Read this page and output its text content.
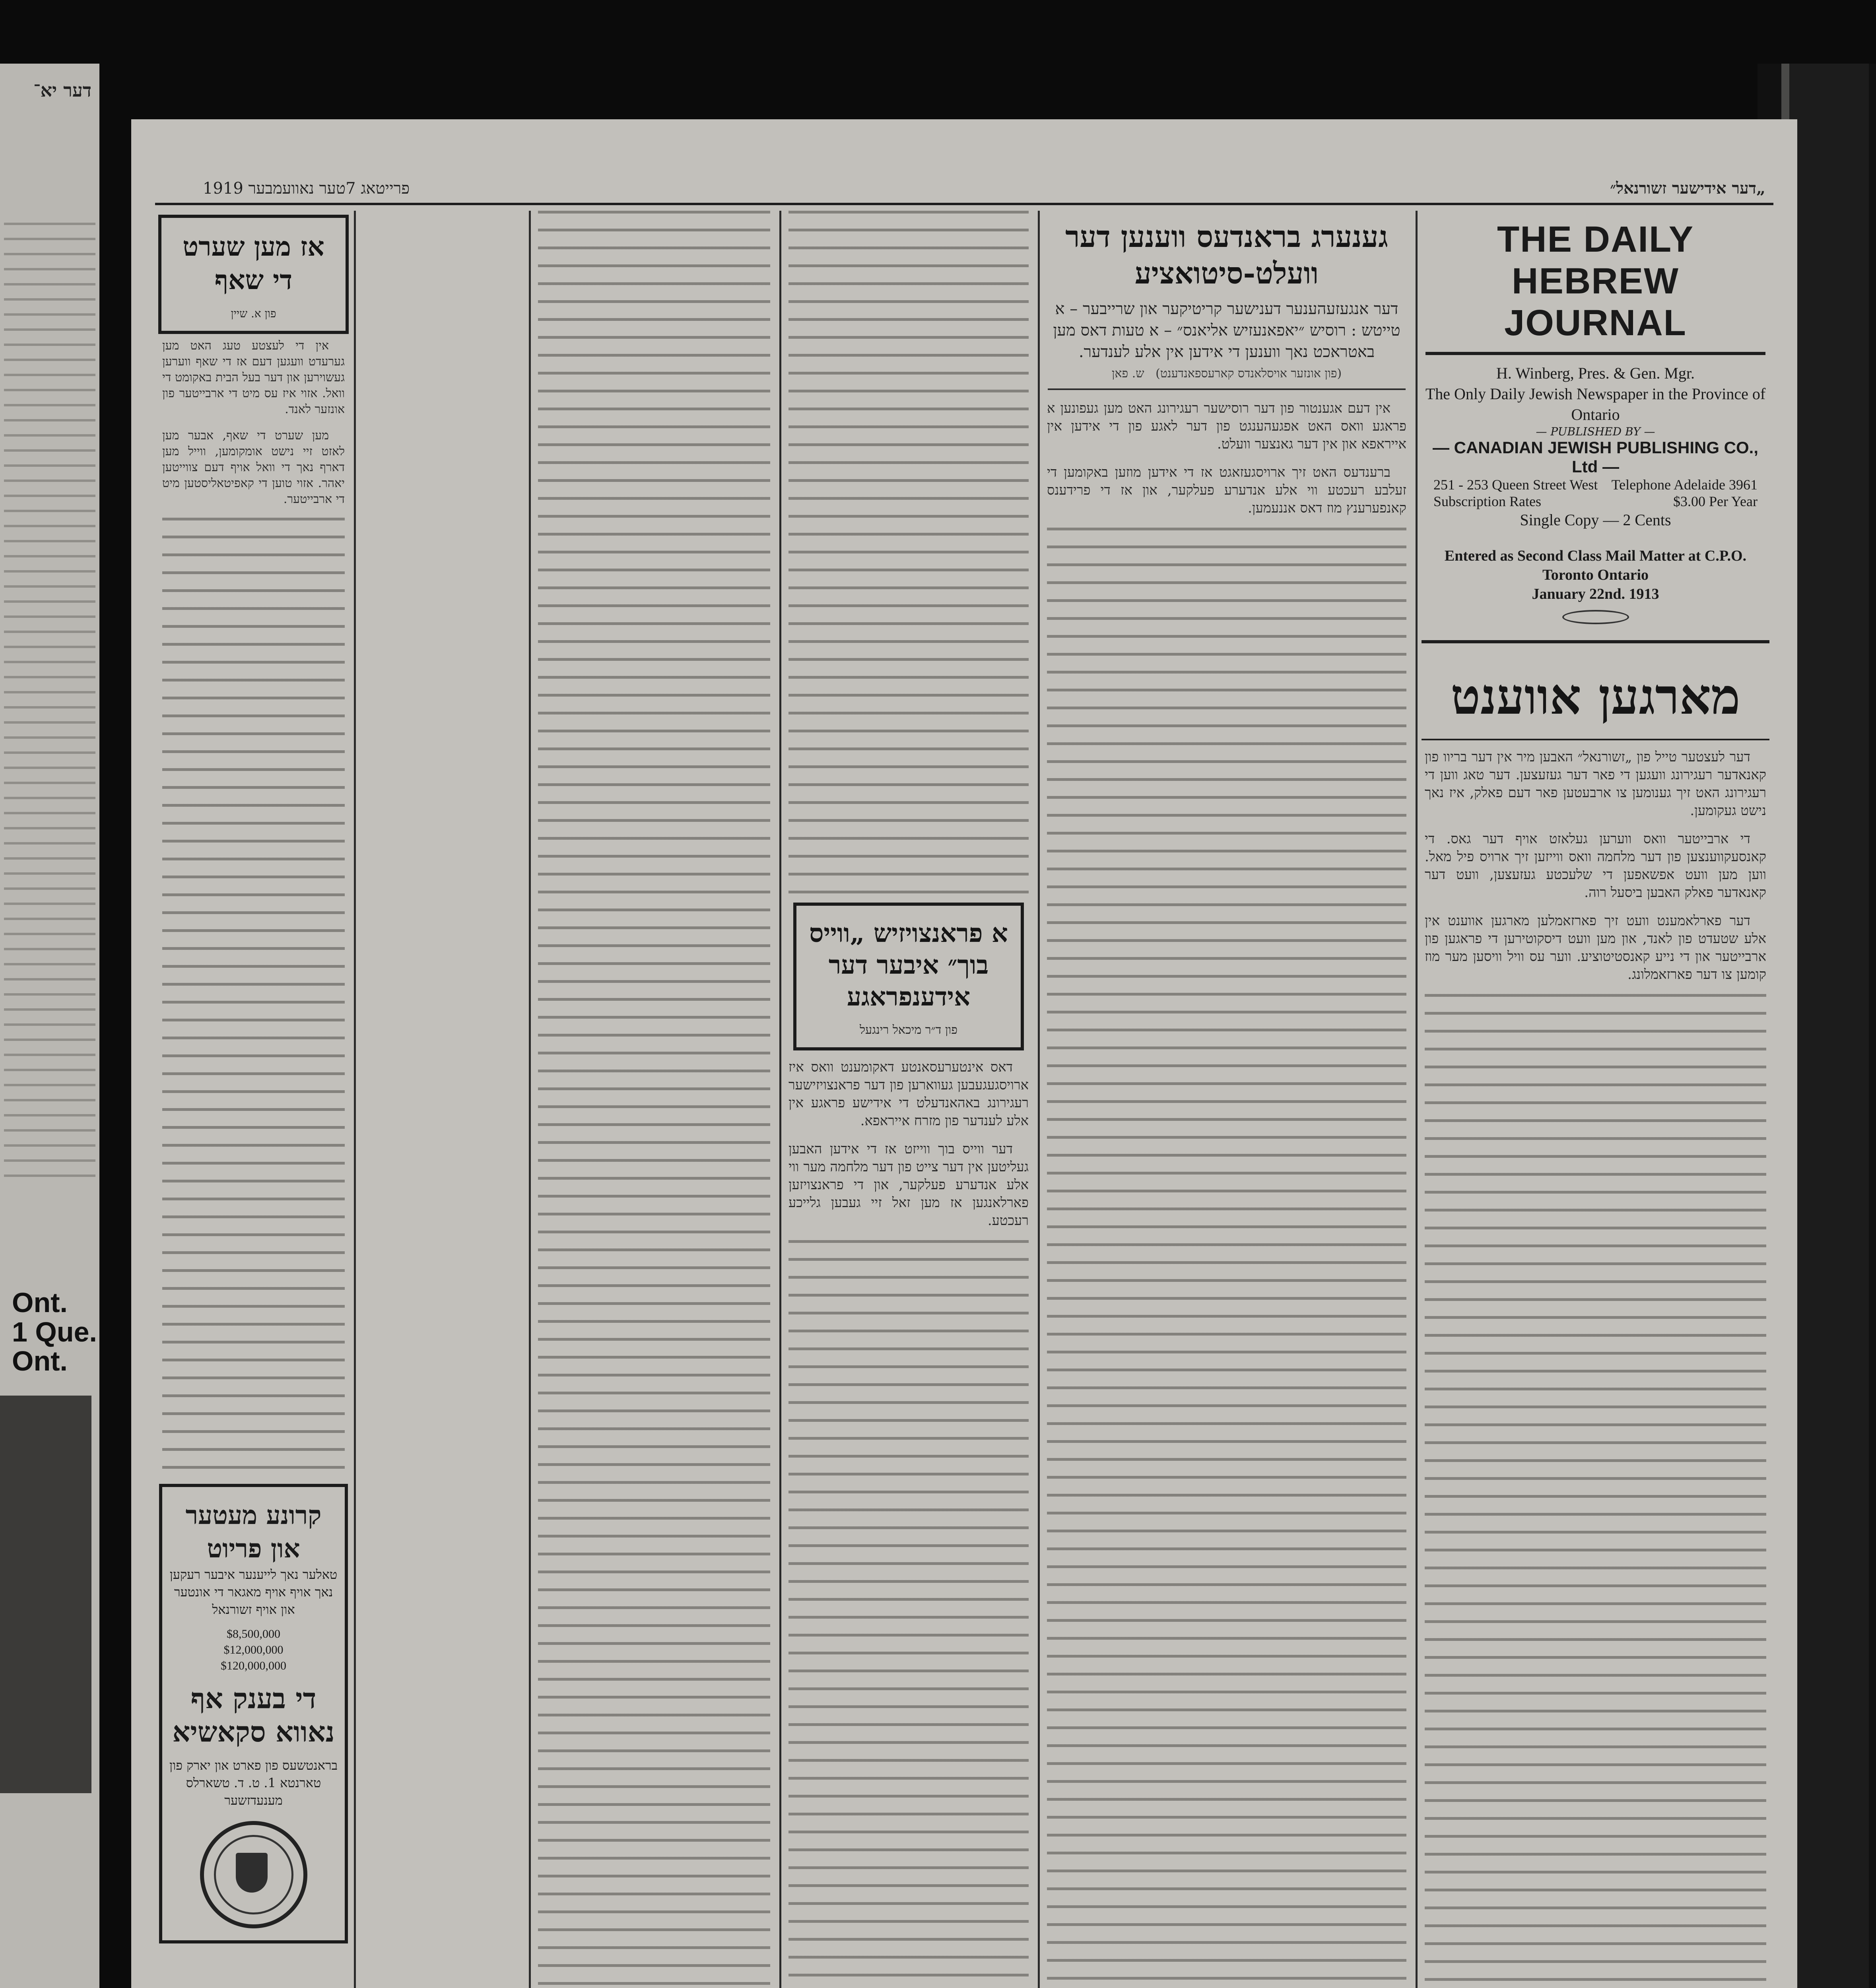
דער יא־
Ont.
1 Que.
Ont.
„דער אידישער זשורנאל״
פרייטאג 7טער נאוועמבער 1919
THE DAILY HEBREW JOURNAL
H. Winberg, Pres. & Gen. Mgr.
The Only Daily Jewish Newspaper in the Province of Ontario
— PUBLISHED BY —
— CANADIAN JEWISH PUBLISHING CO., Ltd —
251 - 253 Queen Street West Telephone Adelaide 3961
Subscription Rates	$3.00 Per Year
Single Copy — 2 Cents
Entered as Second Class Mail Matter at C.P.O. Toronto Ontario
January 22nd. 1913
מארגען אווענט

דער לעצטער טייל פון „זשורנאל״ האבען מיר אין דער בריוו פון קאנאדער רעגירונג וועגען די פאר דער געזעצען. דער טאג ווען די רעגירונג האט זיך גענומען צו ארבעטען פאר דעם פאלק, איז נאך נישט געקומען.

די ארבייטער וואס ווערען געלאזט אויף דער גאס. די קאנסעקווענצען פון דער מלחמה וואס ווייזען זיך ארויס פיל מאל. ווען מען וועט אפשאפען די שלעכטע געזעצען, וועט דער קאנאדער פאלק האבען ביסעל רוה.

דער פארלאמענט וועט זיך פארזאמלען מארגען אווענט אין אלע שטעדט פון לאנד, און מען וועט דיסקוטירען די פראגען פון ארבייטער און די נייע קאנסטיטוציע. ווער עס וויל וויסען מער מוז קומען צו דער פארזאמלונג.

גענערג בראנדעס ווענען דער וועלט-סיטואציע
דער אנגעזעהענער דענישער קריטיקער און שרייבער – א טייטש : רוסיש ״יאפאנעזיש אליאנס״ – א טעות דאס מען באטראכט נאך ווענען די אידען אין אלע לענדער.
(פון אונזער אויסלאנדס קארעספאנדענט)   ש. פאן

אין דעם אגענטור פון דער רוסישער רעגירונג האט מען געפונען א פראגע וואס האט אפגעהענגט פון דער לאגע פון די אידען אין אייראפא און אין דער גאנצער וועלט.

ברענדעס האט זיך ארויסגעזאגט אז די אידען מוזען באקומען די זעלבע רעכטע ווי אלע אנדערע פעלקער, און אז די פרידענס קאנפערענץ מוז דאס אננעמען.

א פראנצויזיש „ווייס בוך״ איבער דער אידענפראגע
פון ד״ר מיכאל רינגעל

דאס אינטערעסאנטע דאקומענט וואס איז ארויסגעגעבען געווארען פון דער פראנצויזישער רעגירונג באהאנדעלט די אידישע פראגע אין אלע לענדער פון מזרח אייראפא.

דער ווייס בוך ווייזט אז די אידען האבען געליטען אין דער צייט פון דער מלחמה מער ווי אלע אנדערע פעלקער, און די פראנצויזען פארלאנגען אז מען זאל זיי געבען גלייכע רעכטע.

אז מען שערט די שאף
פון א. שיין

אין די לעצטע טעג האט מען גערעדט וועגען דעם אז די שאף ווערען געשוירען און דער בעל הבית באקומט די וואל. אזוי איז עס מיט די ארבייטער פון אונזער לאנד.

מען שערט די שאף, אבער מען לאזט זיי נישט אומקומען, ווייל מען דארף נאך די וואל אויף דעם צווייטען יאהר. אזוי טוען די קאפיטאליסטען מיט די ארבייטער.

קרונע מעטער און פריוט
טאלער נאך לייענער איבער רעקען נאך אויף אויף מאגאר די אונטער און אויף זשורנאל
$8,500,000
$12,000,000
$120,000,000
די בענק אף נאווא סקאשיא
בראנטשעס פון פארט און יארק פון טארנטא 1. ט. ד. טשארלס מענעדזשער
